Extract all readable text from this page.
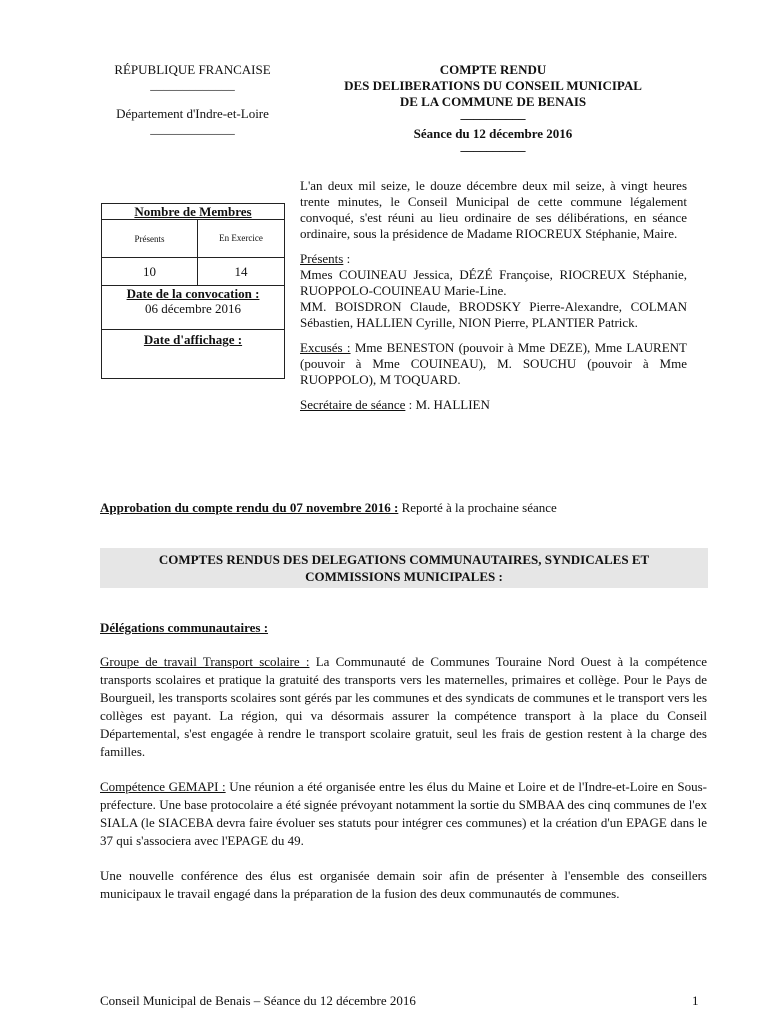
RÉPUBLIQUE FRANCAISE
_____________
Département d'Indre-et-Loire
_____________
COMPTE RENDU
DES DELIBERATIONS DU CONSEIL MUNICIPAL
DE LA COMMUNE DE BENAIS
__________
Séance du 12 décembre 2016
__________
Nombre de Membres
Présents	En Exercice
10	14
Date de la convocation :
06 décembre 2016
Date d'affichage :

L'an deux mil seize, le douze décembre deux mil seize, à vingt heures trente minutes, le Conseil Municipal de cette commune légalement convoqué, s'est réuni au lieu ordinaire de ses délibérations, en séance ordinaire, sous la présidence de Madame RIOCREUX Stéphanie, Maire.

Présents :

Mmes COUINEAU Jessica, DÉZÉ Françoise, RIOCREUX Stéphanie, RUOPPOLO-COUINEAU Marie-Line.

MM. BOISDRON Claude, BRODSKY Pierre-Alexandre, COLMAN Sébastien, HALLIEN Cyrille, NION Pierre, PLANTIER Patrick.

Excusés : Mme BENESTON (pouvoir à Mme DEZE), Mme LAURENT (pouvoir à Mme COUINEAU), M. SOUCHU (pouvoir à Mme RUOPPOLO), M TOQUARD.

Secrétaire de séance : M. HALLIEN

Approbation du compte rendu du 07 novembre 2016 : Reporté à la prochaine séance
COMPTES RENDUS DES DELEGATIONS COMMUNAUTAIRES, SYNDICALES ET
COMMISSIONS MUNICIPALES :
Délégations communautaires :
Groupe de travail Transport scolaire : La Communauté de Communes Touraine Nord Ouest à la compétence transports scolaires et pratique la gratuité des transports vers les maternelles, primaires et collège. Pour le Pays de Bourgueil, les transports scolaires sont gérés par les communes et des syndicats de communes et le transport vers les collèges est payant. La région, qui va désormais assurer la compétence transport à la place du Conseil Départemental, s'est engagée à rendre le transport scolaire gratuit, seul les frais de gestion restent à la charge des familles.
Compétence GEMAPI : Une réunion a été organisée entre les élus du Maine et Loire et de l'Indre-et-Loire en Sous-préfecture. Une base protocolaire a été signée prévoyant notamment la sortie du SMBAA des cinq communes de l'ex SIALA (le SIACEBA devra faire évoluer ses statuts pour intégrer ces communes) et la création d'un EPAGE dans le 37 qui s'associera avec l'EPAGE du 49.
Une nouvelle conférence des élus est organisée demain soir afin de présenter à l'ensemble des conseillers municipaux le travail engagé dans la préparation de la fusion des deux communautés de communes.
Conseil Municipal de Benais – Séance du 12 décembre 2016	1
